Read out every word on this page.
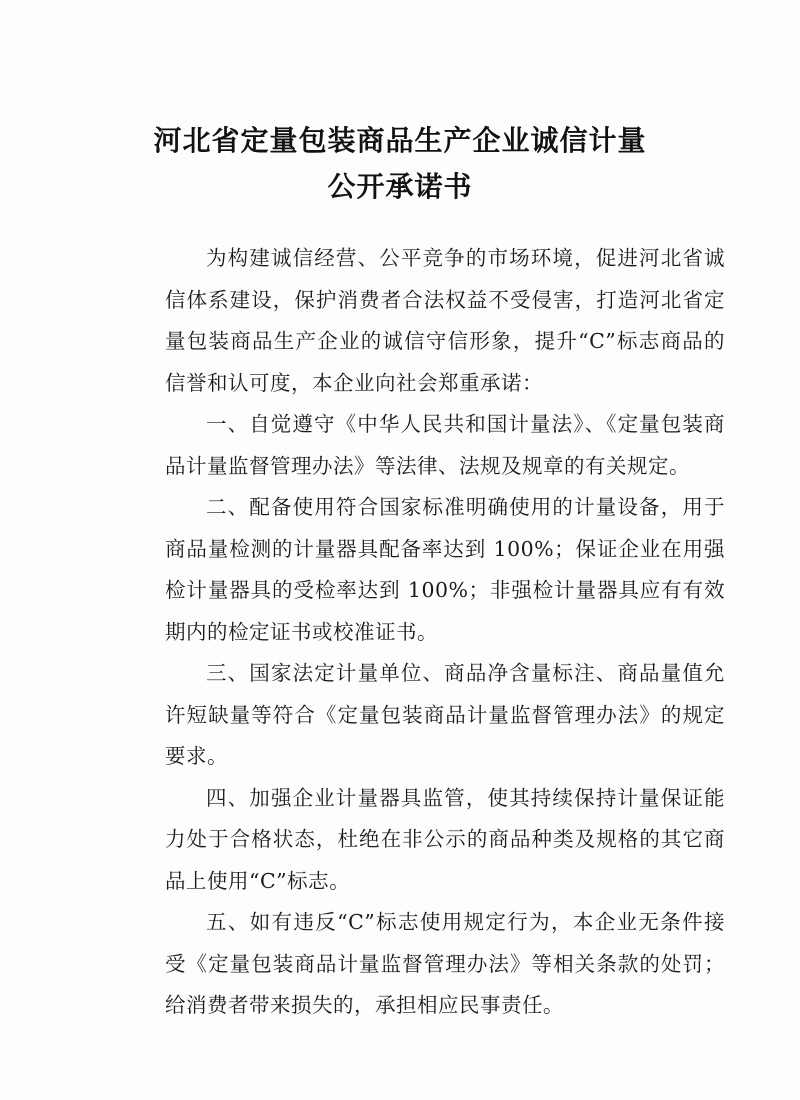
河北省定量包装商品生产企业诚信计量
公开承诺书

为构建诚信经营、公平竞争的市场环境，促进河北省诚信体系建设，保护消费者合法权益不受侵害，打造河北省定量包装商品生产企业的诚信守信形象，提升“C”标志商品的信誉和认可度，本企业向社会郑重承诺：

一、自觉遵守《中华人民共和国计量法》、《定量包装商品计量监督管理办法》等法律、法规及规章的有关规定。

二、配备使用符合国家标准明确使用的计量设备，用于商品量检测的计量器具配备率达到 100%；保证企业在用强检计量器具的受检率达到 100%；非强检计量器具应有有效期内的检定证书或校准证书。

三、国家法定计量单位、商品净含量标注、商品量值允许短缺量等符合《定量包装商品计量监督管理办法》的规定要求。

四、加强企业计量器具监管，使其持续保持计量保证能力处于合格状态，杜绝在非公示的商品种类及规格的其它商品上使用“C”标志。

五、如有违反“C”标志使用规定行为，本企业无条件接受《定量包装商品计量监督管理办法》等相关条款的处罚；给消费者带来损失的，承担相应民事责任。
